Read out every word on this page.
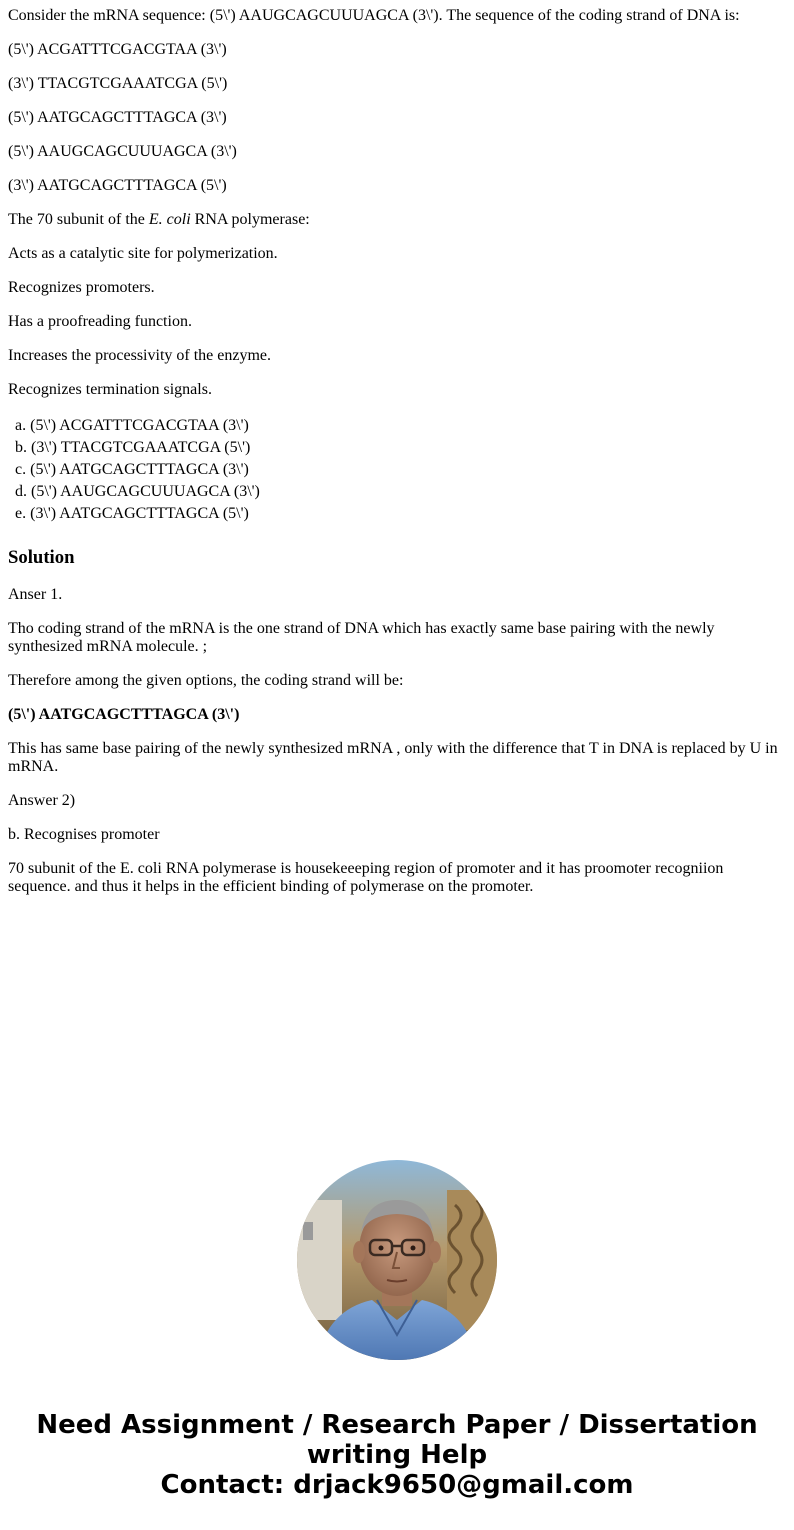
Consider the mRNA sequence: (5\') AAUGCAGCUUUAGCA (3\'). The sequence of the coding strand of DNA is:

(5\') ACGATTTCGACGTAA (3\')

(3\') TTACGTCGAAATCGA (5\')

(5\') AATGCAGCTTTAGCA (3\')

(5\') AAUGCAGCUUUAGCA (3\')

(3\') AATGCAGCTTTAGCA (5\')

The 70 subunit of the E. coli RNA polymerase:

Acts as a catalytic site for polymerization.

Recognizes promoters.

Has a proofreading function.

Increases the processivity of the enzyme.

Recognizes termination signals.

a. (5\') ACGATTTCGACGTAA (3\')
b. (3\') TTACGTCGAAATCGA (5\')
c. (5\') AATGCAGCTTTAGCA (3\')
d. (5\') AAUGCAGCUUUAGCA (3\')
e. (3\') AATGCAGCTTTAGCA (5\')
Solution

Anser 1.

Tho coding strand of the mRNA is the one strand of DNA which has exactly same base pairing with the newly synthesized mRNA molecule. ;

Therefore among the given options, the coding strand will be:

(5\') AATGCAGCTTTAGCA (3\')

This has same base pairing of the newly synthesized mRNA , only with the difference that T in DNA is replaced by U in mRNA.

Answer 2)

b. Recognises promoter

70 subunit of the E. coli RNA polymerase is housekeeeping region of promoter and it has proomoter recogniion sequence. and thus it helps in the efficient binding of polymerase on the promoter.

Need Assignment / Research Paper / Dissertation
writing Help
Contact: drjack9650@gmail.com
